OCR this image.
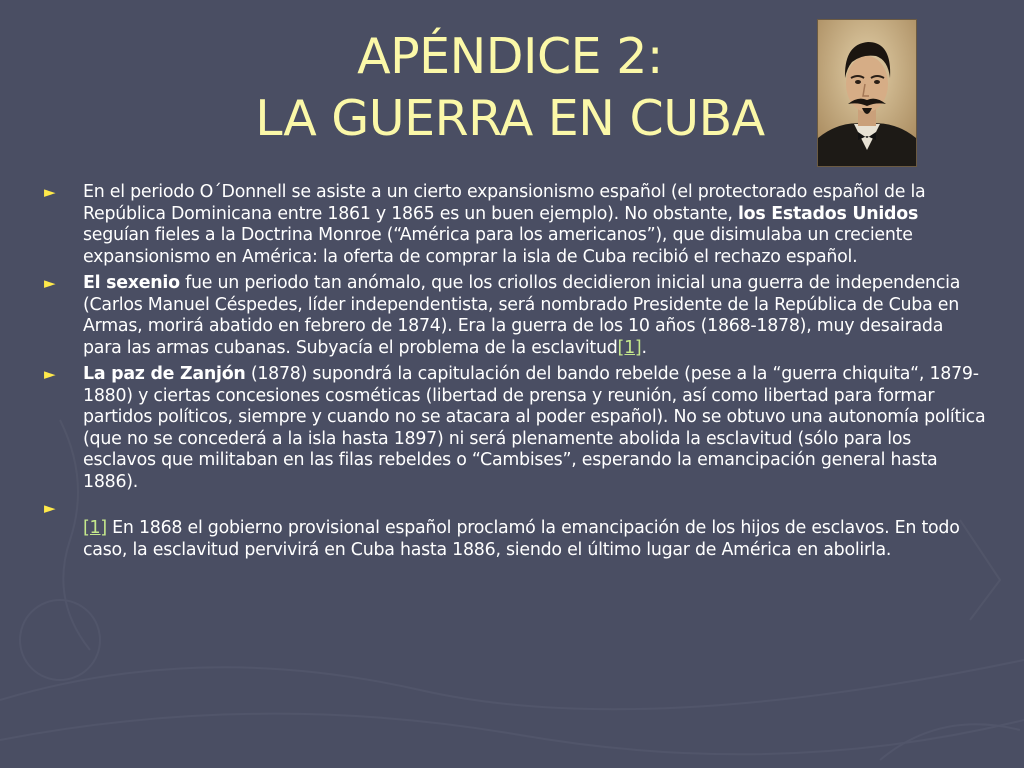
APÉNDICE 2:
LA GUERRA EN CUBA
► En el periodo O´Donnell se asiste a un cierto expansionismo español (el protectorado español de la República Dominicana entre 1861 y 1865 es un buen ejemplo). No obstante, los Estados Unidos seguían fieles a la Doctrina Monroe (“América para los americanos”), que disimulaba un creciente expansionismo en América: la oferta de comprar la isla de Cuba recibió el rechazo español.
► El sexenio fue un periodo tan anómalo, que los criollos decidieron inicial una guerra de independencia (Carlos Manuel Céspedes, líder independentista, será nombrado Presidente de la República de Cuba en Armas, morirá abatido en febrero de 1874). Era la guerra de los 10 años (1868-1878), muy desairada para las armas cubanas. Subyacía el problema de la esclavitud[1].
► La paz de Zanjón (1878) supondrá la capitulación del bando rebelde (pese a la “guerra chiquita“, 1879-1880) y ciertas concesiones cosméticas (libertad de prensa y reunión, así como libertad para formar partidos políticos, siempre y cuando no se atacara al poder español). No se obtuvo una autonomía política (que no se concederá a la isla hasta 1897) ni será plenamente abolida la esclavitud (sólo para los esclavos que militaban en las filas rebeldes o “Cambises”, esperando la emancipación general hasta 1886).
►
[1] En 1868 el gobierno provisional español proclamó la emancipación de los hijos de esclavos. En todo caso, la esclavitud pervivirá en Cuba hasta 1886, siendo el último lugar de América en abolirla.
